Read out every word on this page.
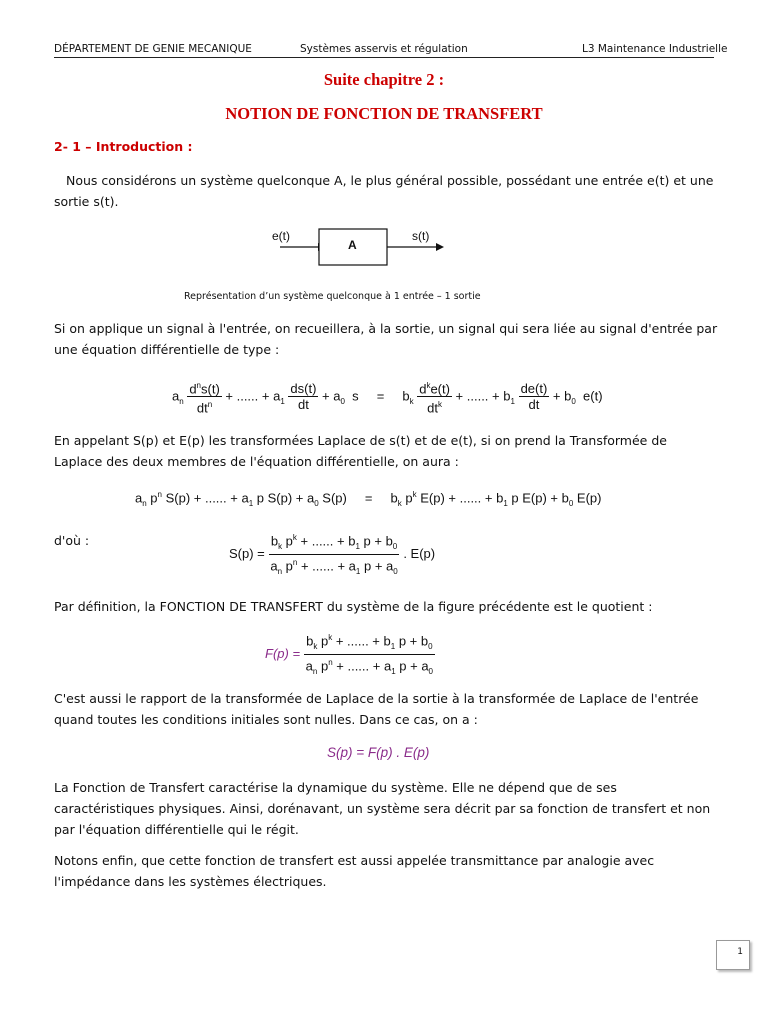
DÉPARTEMENT DE GENIE MECANIQUE	Systèmes asservis et régulation	L3 Maintenance Industrielle
Suite chapitre 2 :
NOTION DE FONCTION DE TRANSFERT
2- 1 – Introduction :

Nous considérons un système quelconque A, le plus général possible, possédant une entrée e(t) et une sortie s(t).

e(t)
A
s(t)
Représentation d’un système quelconque à 1 entrée – 1 sortie

Si on applique un signal à l'entrée, on recueillera, à la sortie, un signal qui sera liée au signal d'entrée par une équation différentielle de type :

$a_n \frac{d^ns(t)}{dt^n}$ + ...... + $a_1 \frac{ds(t)}{dt} + a_0$  s     =     $b_k \frac{d^ke(t)}{dt^k}$ + ...... + $b_1 \frac{de(t)}{dt} + b_0$  e(t)

En appelant S(p) et E(p) les transformées Laplace de s(t) et de e(t), si on prend la Transformée de Laplace des deux membres de l'équation différentielle, on aura :

$a_n$ $p^n$ S(p) + ...... + $a_1$ p $S(p) + a_0$ S(p)     =     $b_k$ $p^k$ E(p) + ...... + $b_1$ p $E(p) + b_0$ E(p)

d'où :

$S(p) = \frac{b_k p^k + ...... + b_1 p + b_0}{a_n p^n + ...... + a_1 p + a_0}$ . E(p)

Par définition, la FONCTION DE TRANSFERT du système de la figure précédente est le quotient :

$F(p) = \frac{b_k p^k + ...... + b_1 p + b_0}{a_n p^n + ...... + a_1 p + a_0}$

C'est aussi le rapport de la transformée de Laplace de la sortie à la transformée de Laplace de l'entrée quand toutes les conditions initiales sont nulles. Dans ce cas, on a :

S(p) = F(p) . E(p)

La Fonction de Transfert caractérise la dynamique du système. Elle ne dépend que de ses caractéristiques physiques. Ainsi, dorénavant, un système sera décrit par sa fonction de transfert et non par l'équation différentielle qui le régit.

Notons enfin, que cette fonction de transfert est aussi appelée transmittance par analogie avec l'impédance dans les systèmes électriques.

1
